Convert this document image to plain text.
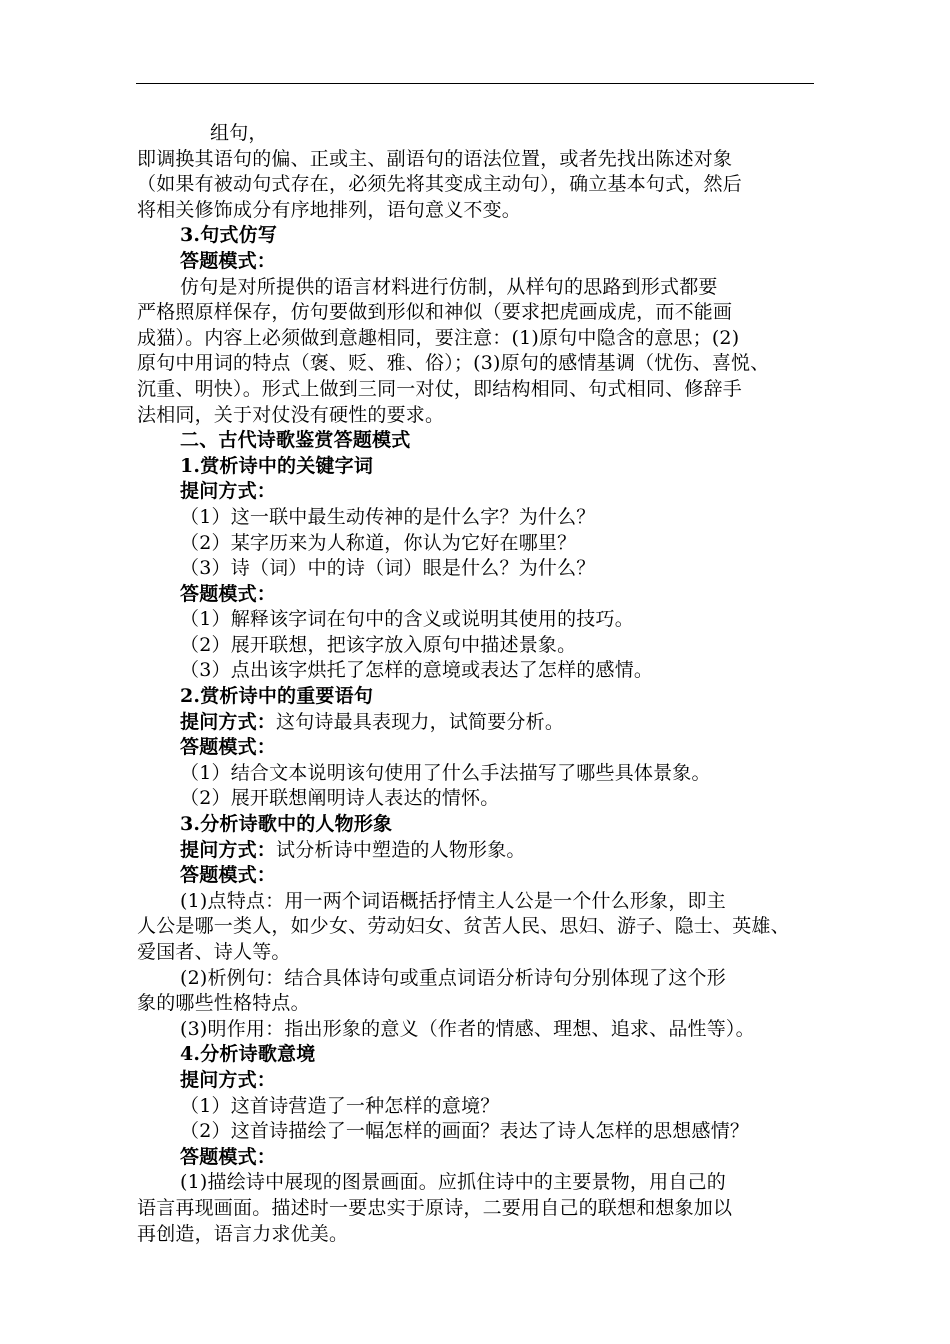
组句，
即调换其语句的偏、正或主、副语句的语法位置，或者先找出陈述对象
（如果有被动句式存在，必须先将其变成主动句），确立基本句式，然后
将相关修饰成分有序地排列，语句意义不变。
3.句式仿写
答题模式：
仿句是对所提供的语言材料进行仿制，从样句的思路到形式都要
严格照原样保存，仿句要做到形似和神似（要求把虎画成虎，而不能画
成猫）。内容上必须做到意趣相同，要注意：(1)原句中隐含的意思；(2)
原句中用词的特点（褒、贬、雅、俗）；(3)原句的感情基调（忧伤、喜悦、
沉重、明快）。形式上做到三同一对仗，即结构相同、句式相同、修辞手
法相同，关于对仗没有硬性的要求。
二、古代诗歌鉴赏答题模式
1.赏析诗中的关键字词
提问方式：
（1）这一联中最生动传神的是什么字？为什么？
（2）某字历来为人称道，你认为它好在哪里？
（3）诗（词）中的诗（词）眼是什么？为什么？
答题模式：
（1）解释该字词在句中的含义或说明其使用的技巧。
（2）展开联想，把该字放入原句中描述景象。
（3）点出该字烘托了怎样的意境或表达了怎样的感情。
2.赏析诗中的重要语句
提问方式：这句诗最具表现力，试简要分析。
答题模式：
（1）结合文本说明该句使用了什么手法描写了哪些具体景象。
（2）展开联想阐明诗人表达的情怀。
3.分析诗歌中的人物形象
提问方式：试分析诗中塑造的人物形象。
答题模式：
(1)点特点：用一两个词语概括抒情主人公是一个什么形象，即主
人公是哪一类人，如少女、劳动妇女、贫苦人民、思妇、游子、隐士、英雄、
爱国者、诗人等。
(2)析例句：结合具体诗句或重点词语分析诗句分别体现了这个形
象的哪些性格特点。
(3)明作用：指出形象的意义（作者的情感、理想、追求、品性等）。
4.分析诗歌意境
提问方式：
（1）这首诗营造了一种怎样的意境？
（2）这首诗描绘了一幅怎样的画面？表达了诗人怎样的思想感情？
答题模式：
(1)描绘诗中展现的图景画面。应抓住诗中的主要景物，用自己的
语言再现画面。描述时一要忠实于原诗，二要用自己的联想和想象加以
再创造，语言力求优美。
